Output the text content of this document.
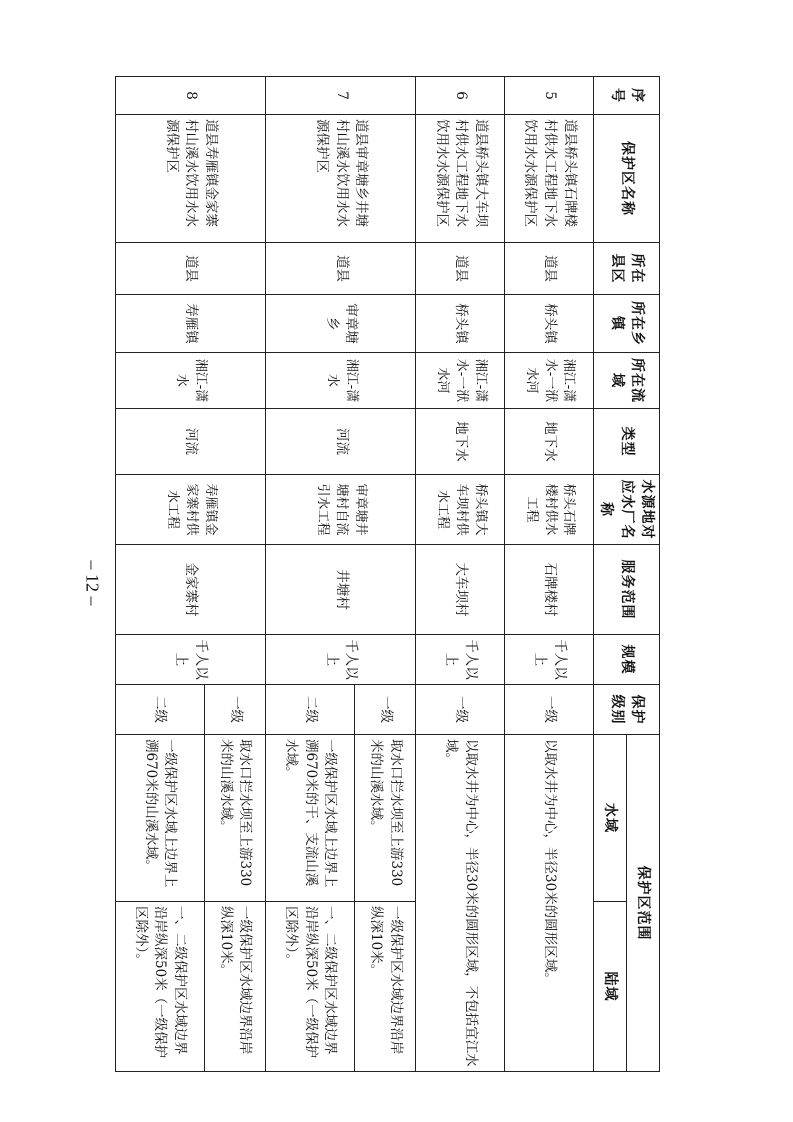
– 12 –
序号	保护区名称	所在县区	所在乡镇	所在流域	类型	水源地对应水厂名称	服务范围	规模	保护级别	保护区范围	
										水域	陆域
5	道县桥头镇石牌楼村供水工程地下水饮用水水源保护区	道县	桥头镇	湘江-潇水-一洑水河	地下水	桥头石牌楼村供水工程	石牌楼村	千人以上	一级	以取水井为中心，半径30米的圆形区域。	
6	道县桥头镇大车坝村供水工程地下水饮用水水源保护区	道县	桥头镇	湘江-潇水-一洑水河	地下水	桥头镇大车坝村供水工程	大车坝村	千人以上	一级	以取水井为中心，半径30米的圆形区域，不包括宜江水域。	
7	道县审章塘乡井塘村山溪水饮用水水源保护区	道县	审章塘乡	湘江-潇水	河流	审章塘井塘村自流引水工程	井塘村	千人以上	一级	取水口拦水坝至上游330米的山溪水域。	一级保护区水域边界沿岸纵深10米。
									二级	一级保护区水域上边界上溯670米的干、支流山溪水域。	一、二级保护区水域边界沿岸纵深50米（一级保护区除外）。
8	道县寿雁镇金家寨村山溪水饮用水水源保护区	道县	寿雁镇	湘江-潇水	河流	寿雁镇金家寨村供水工程	金家寨村	千人以上	一级	取水口拦水坝至上游330米的山溪水域。	一级保护区水域边界沿岸纵深10米。
									二级	一级保护区水域上边界上溯670米的山溪水域。	一、二级保护区水域边界沿岸纵深50米（一级保护区除外）。
